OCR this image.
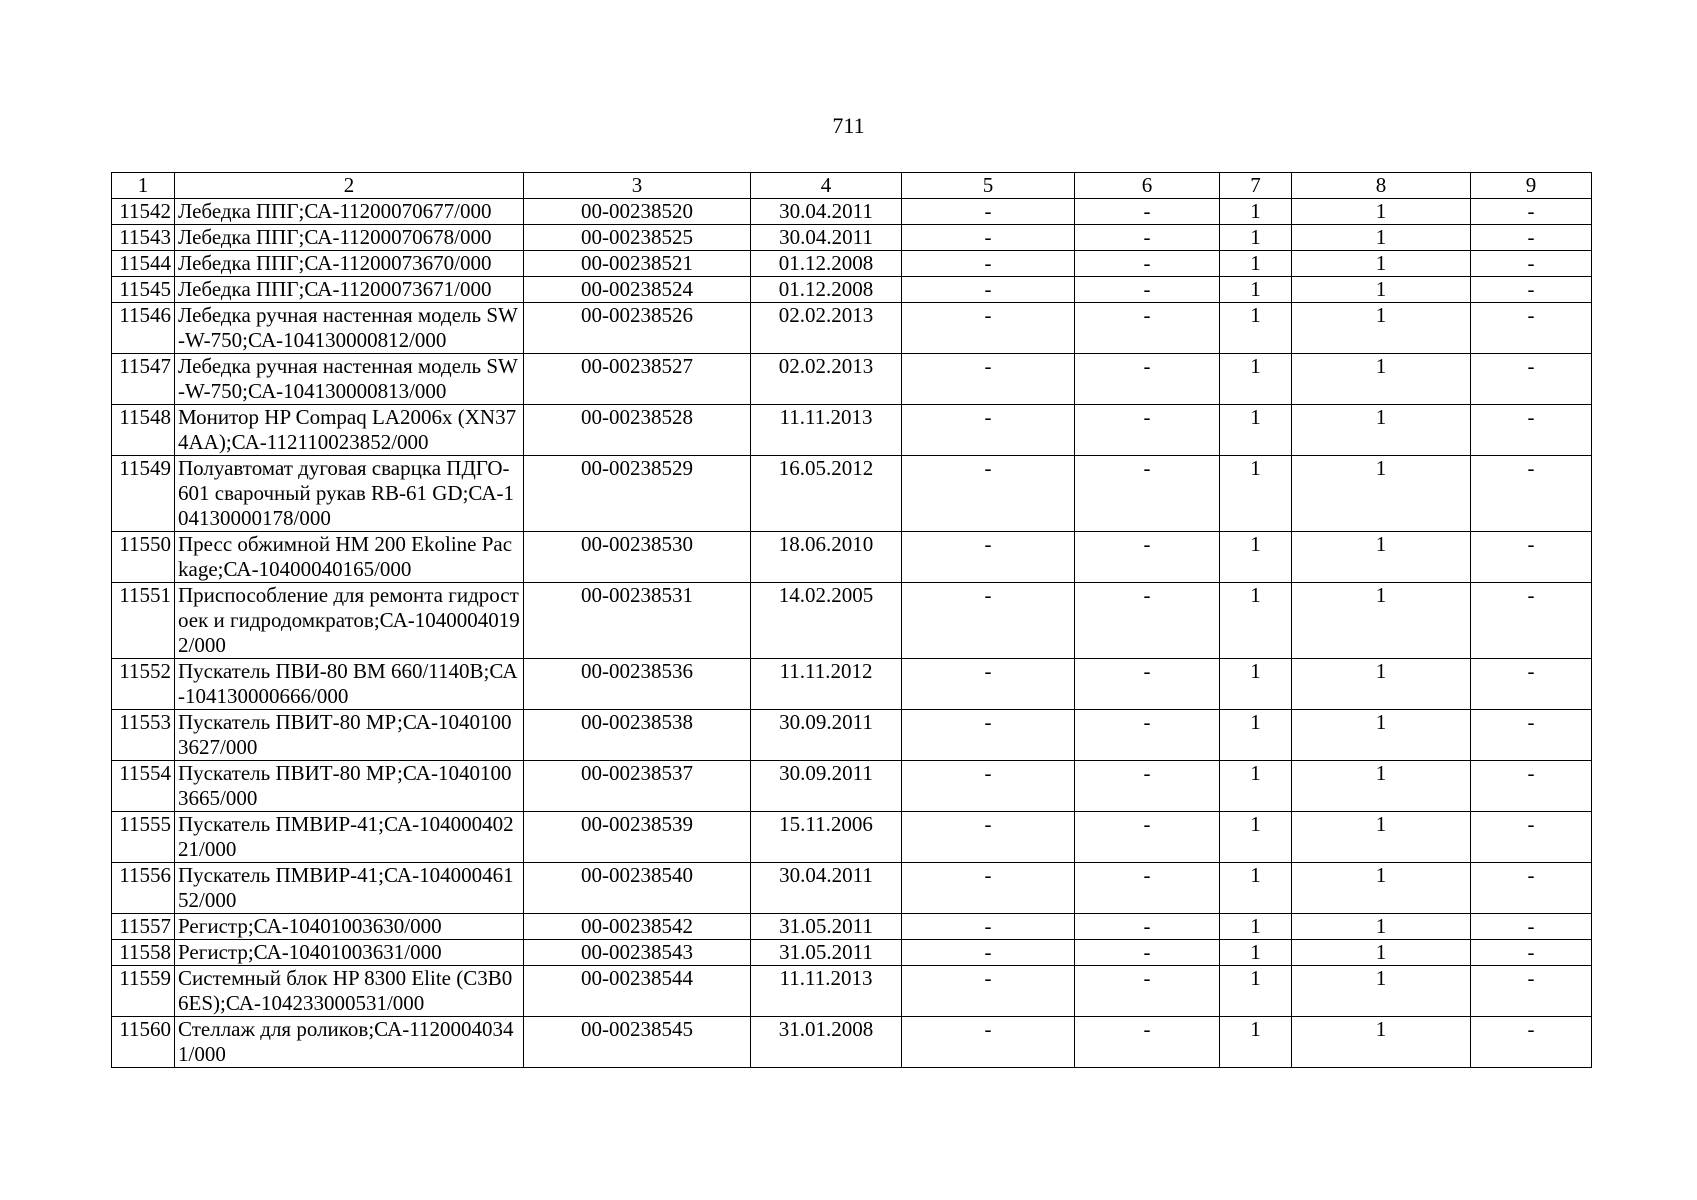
711
1	2	3	4	5	6	7	8	9
11542	Лебедка ППГ;СА-11200070677/000	00-00238520	30.04.2011	-	-	1	1	-
11543	Лебедка ППГ;СА-11200070678/000	00-00238525	30.04.2011	-	-	1	1	-
11544	Лебедка ППГ;СА-11200073670/000	00-00238521	01.12.2008	-	-	1	1	-
11545	Лебедка ППГ;СА-11200073671/000	00-00238524	01.12.2008	-	-	1	1	-
11546	Лебедка ручная настенная модель SW-W-750;СА-104130000812/000	00-00238526	02.02.2013	-	-	1	1	-
11547	Лебедка ручная настенная модель SW-W-750;СА-104130000813/000	00-00238527	02.02.2013	-	-	1	1	-
11548	Монитор HP Compaq LA2006x (XN374AA);СА-112110023852/000	00-00238528	11.11.2013	-	-	1	1	-
11549	Полуавтомат дуговая сварцка ПДГО-601 сварочный рукав RB-61 GD;СА-104130000178/000	00-00238529	16.05.2012	-	-	1	1	-
11550	Пресс обжимной HM 200 Ekoline Package;СА-10400040165/000	00-00238530	18.06.2010	-	-	1	1	-
11551	Приспособление для ремонта гидростоек и гидродомкратов;СА-10400040192/000	00-00238531	14.02.2005	-	-	1	1	-
11552	Пускатель ПВИ-80 ВМ 660/1140В;СА-104130000666/000	00-00238536	11.11.2012	-	-	1	1	-
11553	Пускатель ПВИТ-80 МР;СА-10401003627/000	00-00238538	30.09.2011	-	-	1	1	-
11554	Пускатель ПВИТ-80 МР;СА-10401003665/000	00-00238537	30.09.2011	-	-	1	1	-
11555	Пускатель ПМВИР-41;СА-10400040221/000	00-00238539	15.11.2006	-	-	1	1	-
11556	Пускатель ПМВИР-41;СА-10400046152/000	00-00238540	30.04.2011	-	-	1	1	-
11557	Регистр;СА-10401003630/000	00-00238542	31.05.2011	-	-	1	1	-
11558	Регистр;СА-10401003631/000	00-00238543	31.05.2011	-	-	1	1	-
11559	Системный блок HP 8300 Elite (C3B06ES);СА-104233000531/000	00-00238544	11.11.2013	-	-	1	1	-
11560	Стеллаж для роликов;СА-11200040341/000	00-00238545	31.01.2008	-	-	1	1	-
